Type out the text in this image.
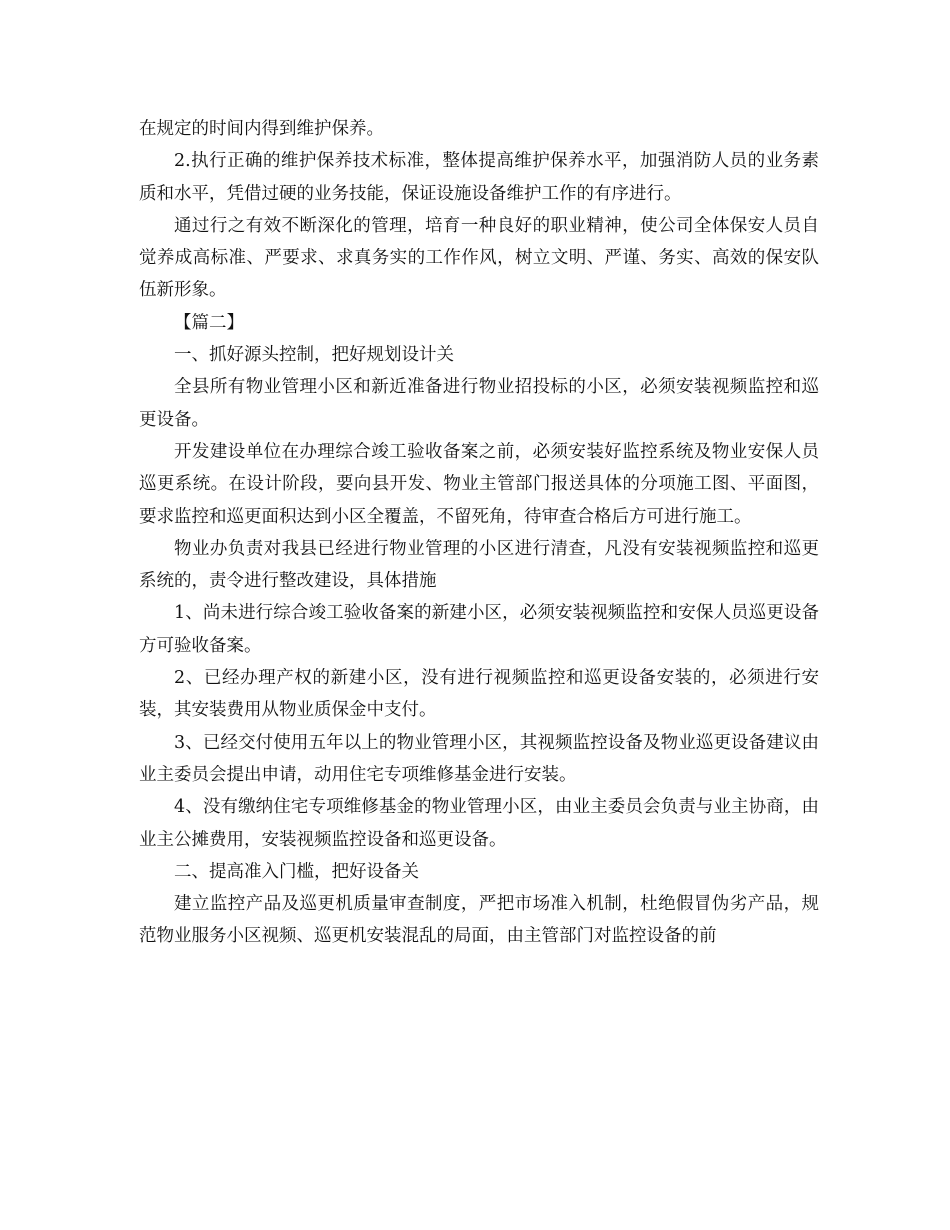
在规定的时间内得到维护保养。

2.执行正确的维护保养技术标准，整体提高维护保养水平，加强消防人员的业务素质和水平，凭借过硬的业务技能，保证设施设备维护工作的有序进行。

通过行之有效不断深化的管理，培育一种良好的职业精神，使公司全体保安人员自觉养成高标准、严要求、求真务实的工作作风，树立文明、严谨、务实、高效的保安队伍新形象。

【篇二】

一、抓好源头控制，把好规划设计关

全县所有物业管理小区和新近准备进行物业招投标的小区，必须安装视频监控和巡更设备。

开发建设单位在办理综合竣工验收备案之前，必须安装好监控系统及物业安保人员巡更系统。在设计阶段，要向县开发、物业主管部门报送具体的分项施工图、平面图，要求监控和巡更面积达到小区全覆盖，不留死角，待审查合格后方可进行施工。

物业办负责对我县已经进行物业管理的小区进行清查，凡没有安装视频监控和巡更系统的，责令进行整改建设，具体措施

1、尚未进行综合竣工验收备案的新建小区，必须安装视频监控和安保人员巡更设备方可验收备案。

2、已经办理产权的新建小区，没有进行视频监控和巡更设备安装的，必须进行安装，其安装费用从物业质保金中支付。

3、已经交付使用五年以上的物业管理小区，其视频监控设备及物业巡更设备建议由业主委员会提出申请，动用住宅专项维修基金进行安装。

4、没有缴纳住宅专项维修基金的物业管理小区，由业主委员会负责与业主协商，由业主公摊费用，安装视频监控设备和巡更设备。

二、提高准入门槛，把好设备关

建立监控产品及巡更机质量审查制度，严把市场准入机制，杜绝假冒伪劣产品，规范物业服务小区视频、巡更机安装混乱的局面，由主管部门对监控设备的前
